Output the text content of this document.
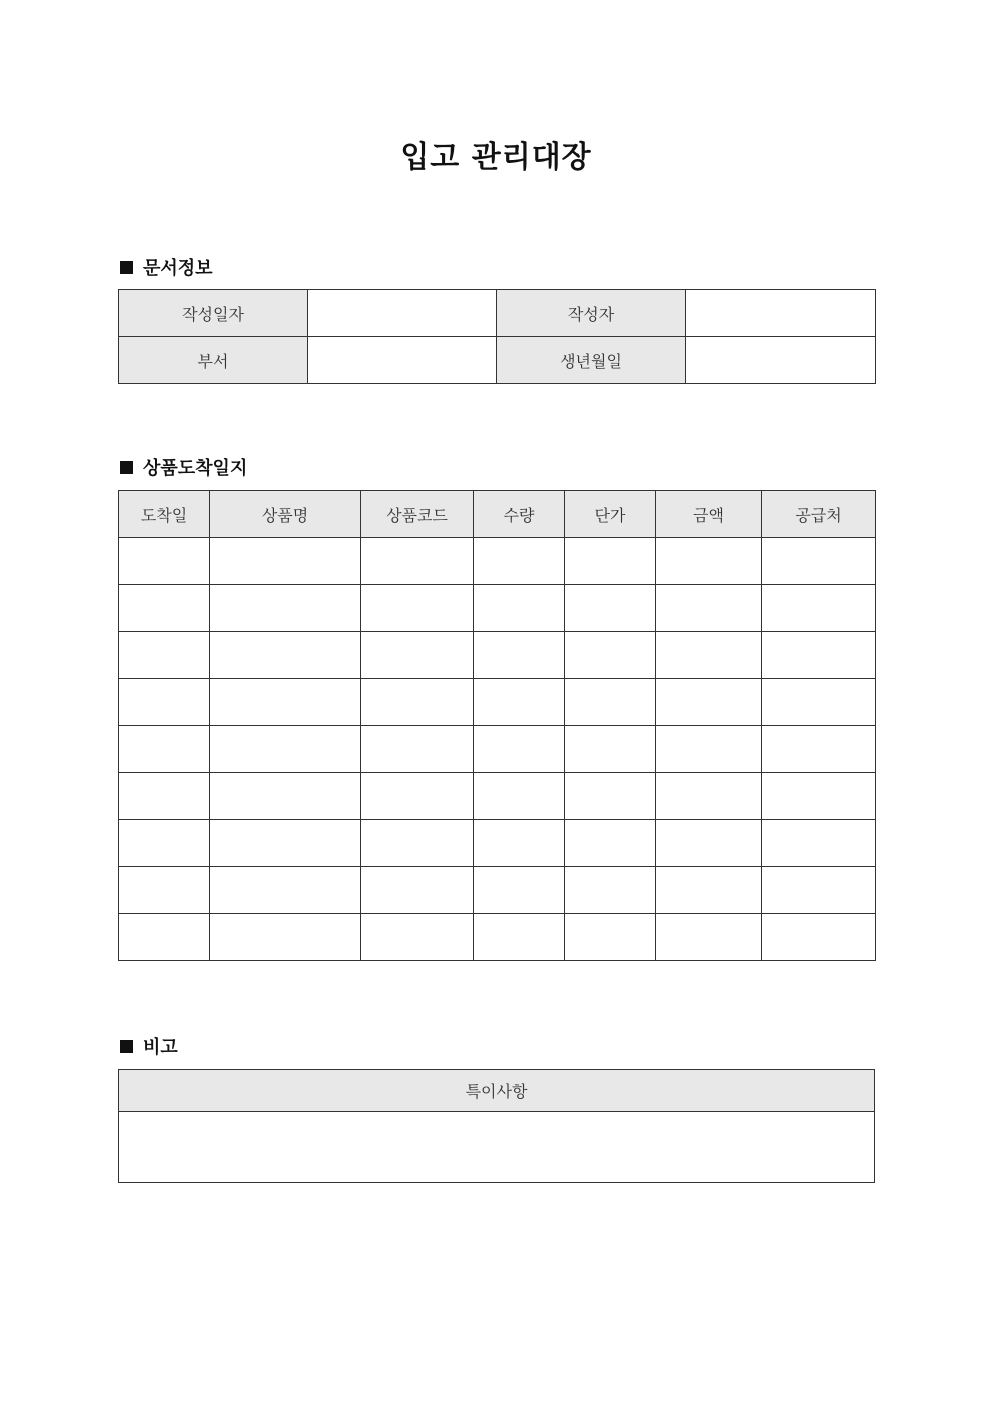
입고 관리대장
문서정보
작성일자		작성자	
부서		생년월일	
상품도착일지
도착일	상품명	상품코드	수량	단가	금액	공급처

비고
특이사항
